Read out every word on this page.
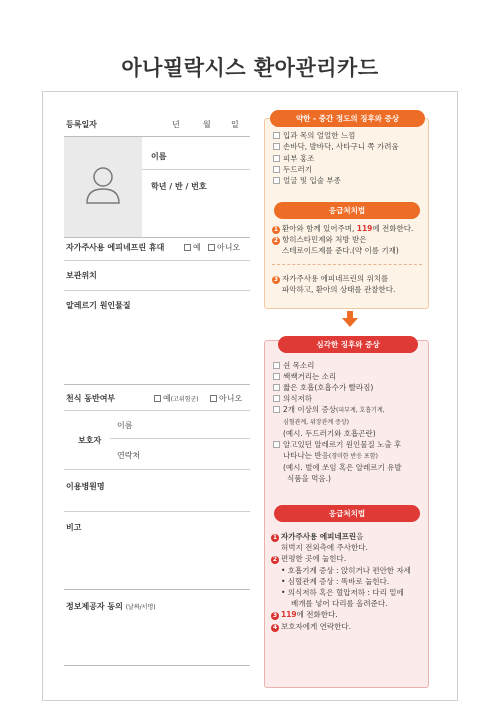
아나필락시스 환아관리카드
등록일자	년	월	일
이름
학년 / 반 / 번호
자가주사용 에피네프린 휴대	예	아니오
보관위치
알레르기 원인물질
천식 동반여부	예(고위험군)	아니오
보호자
이름
연락처
이용병원명
비고
정보제공자 동의 (날짜/서명)
약한 - 중간 정도의 징후와 증상
입과 목의 얼얼한 느낌
손바닥, 발바닥, 사타구니 쪽 가려움
피부 홍조
두드러기
얼굴 및 입술 부종
응급처치법
1 환아와 함께 있어주며, 119에 전화한다.
2 항히스타민제와 처방 받은
스테로이드제를 준다.(약 이름 기재)
3 자가주사용 에피네프린의 위치를
파악하고, 환아의 상태를 관찰한다.
심각한 징후와 증상
쉰 목소리
쌕쌕거리는 소리
짧은 호흡(호흡수가 빨라짐)
의식저하
2개 이상의 증상(피부계, 호흡기계,
심혈관계, 위장관계 증상)
(예시. 두드러기와 호흡곤란)
알고있던 알레르기 원인물질 노출 후
나타나는 반응(경미한 반응 포함)
(예시. 벌에 쏘임 혹은 알레르기 유발
식품을 먹음.)
응급처치법
1 자가주사용 에피네프린을
허벅지 전외측에 주사한다.
2 편평한 곳에 눕힌다.
• 호흡기계 증상 : 앉히거나 편안한 자세
• 심혈관계 증상 : 똑바로 눕힌다.
• 의식저하 혹은 혈압저하 : 다리 밑에
베개를 넣어 다리를 올려준다.
3 119에 전화한다.
4 보호자에게 연락한다.
